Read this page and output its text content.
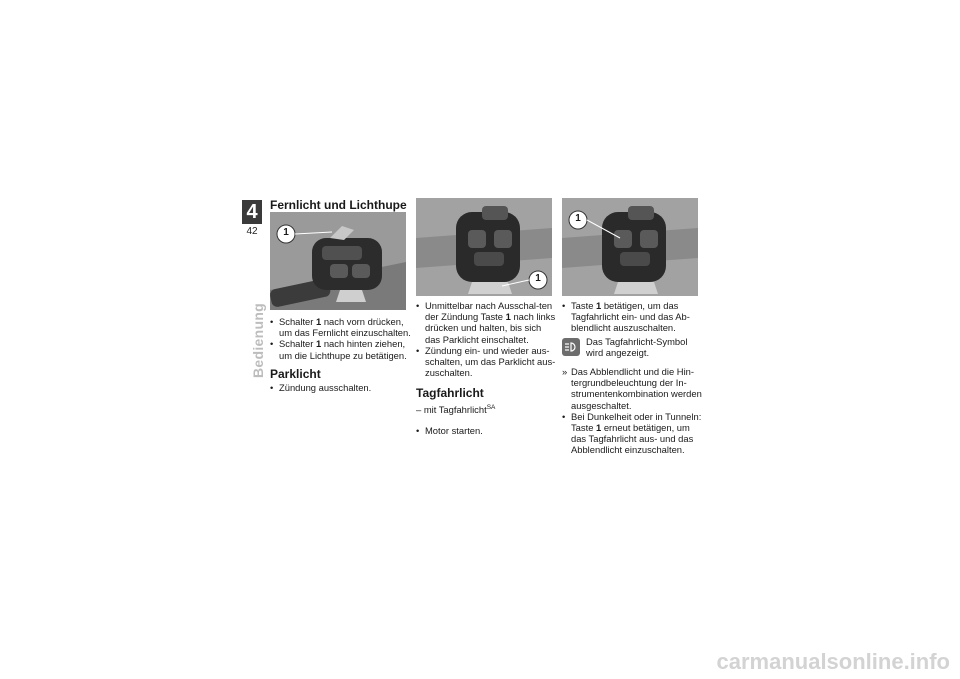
4
42
Bedienung
Fernlicht und Lichthupe
1
• Schalter 1 nach vorn drücken, um das Fernlicht einzuschalten.
• Schalter 1 nach hinten ziehen, um die Lichthupe zu betätigen.
Parklicht
• Zündung ausschalten.
1
• Unmittelbar nach Ausschal-ten der Zündung Taste 1 nach links drücken und halten, bis sich das Parklicht einschaltet.
• Zündung ein- und wieder aus-schalten, um das Parklicht aus-zuschalten.
Tagfahrlicht
– mit Tagfahrlicht$^{SA}$
• Motor starten.
1
• Taste 1 betätigen, um das Tagfahrlicht ein- und das Ab-blendlicht auszuschalten.
Das Tagfahrlicht-Symbol wird angezeigt.
» Das Abblendlicht und die Hin-tergrundbeleuchtung der In-strumentenkombination werden ausgeschaltet.
• Bei Dunkelheit oder in Tunneln: Taste 1 erneut betätigen, um das Tagfahrlicht aus- und das Abblendlicht einzuschalten.
carmanualsonline.info
